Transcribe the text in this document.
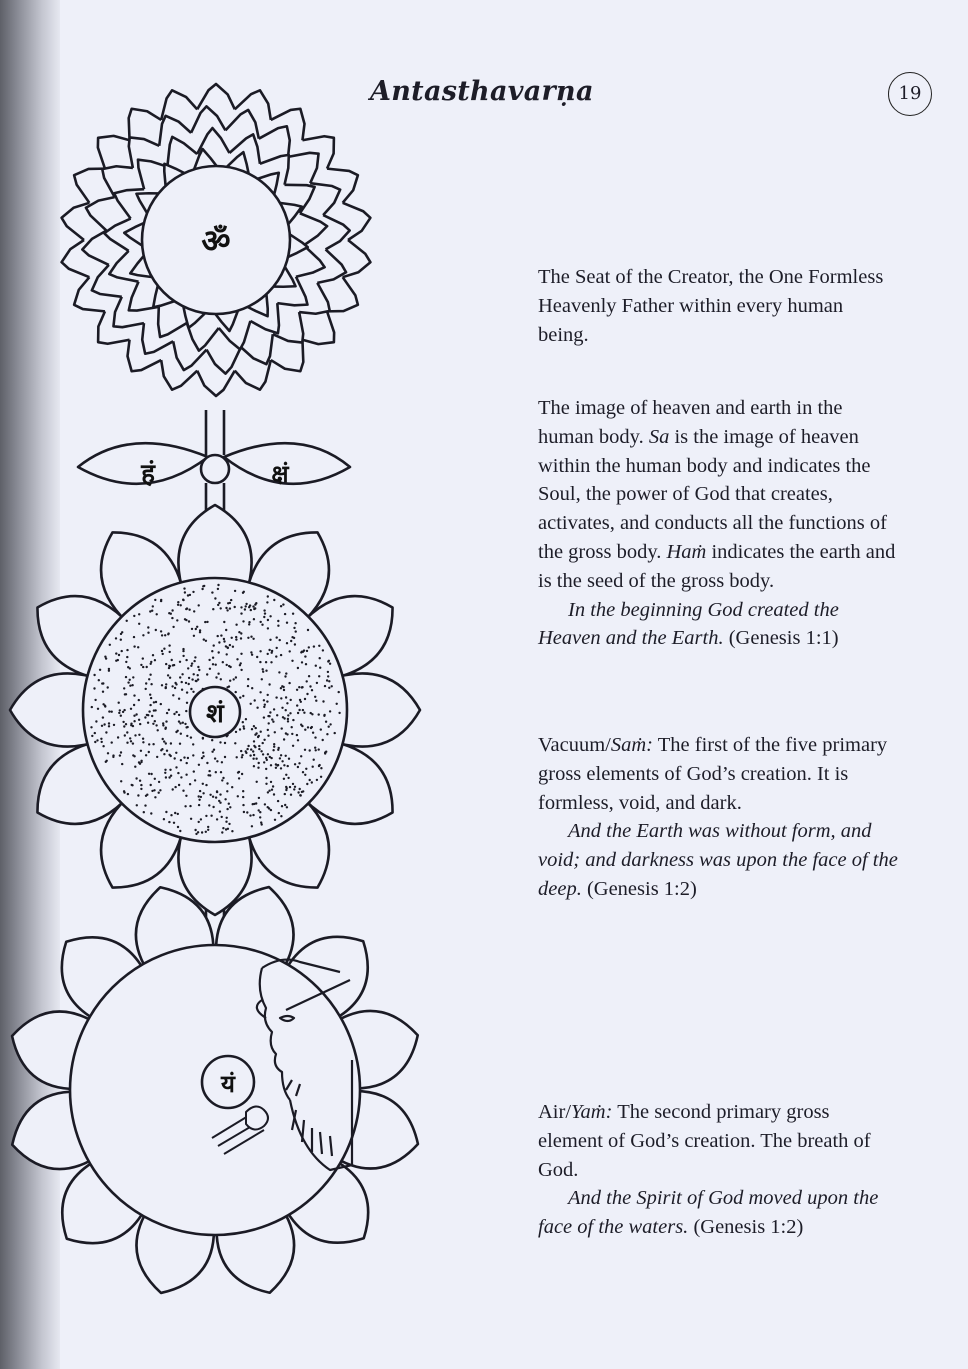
Antasthavarṇa	19
ॐ
हं	क्षं
शं
यं

The Seat of the Creator, the One Formless Heavenly Father within every human being.

The image of heaven and earth in the human body. Sa is the image of heaven within the human body and indicates the Soul, the power of God that creates, activates, and conducts all the functions of the gross body. Haṁ indicates the earth and is the seed of the gross body.

In the beginning God created the Heaven and the Earth. (Genesis 1:1)

Vacuum/Saṁ: The first of the five primary gross elements of God’s creation. It is formless, void, and dark.

And the Earth was without form, and void; and darkness was upon the face of the deep. (Genesis 1:2)

Air/Yaṁ: The second primary gross element of God’s creation. The breath of God.

And the Spirit of God moved upon the face of the waters. (Genesis 1:2)
